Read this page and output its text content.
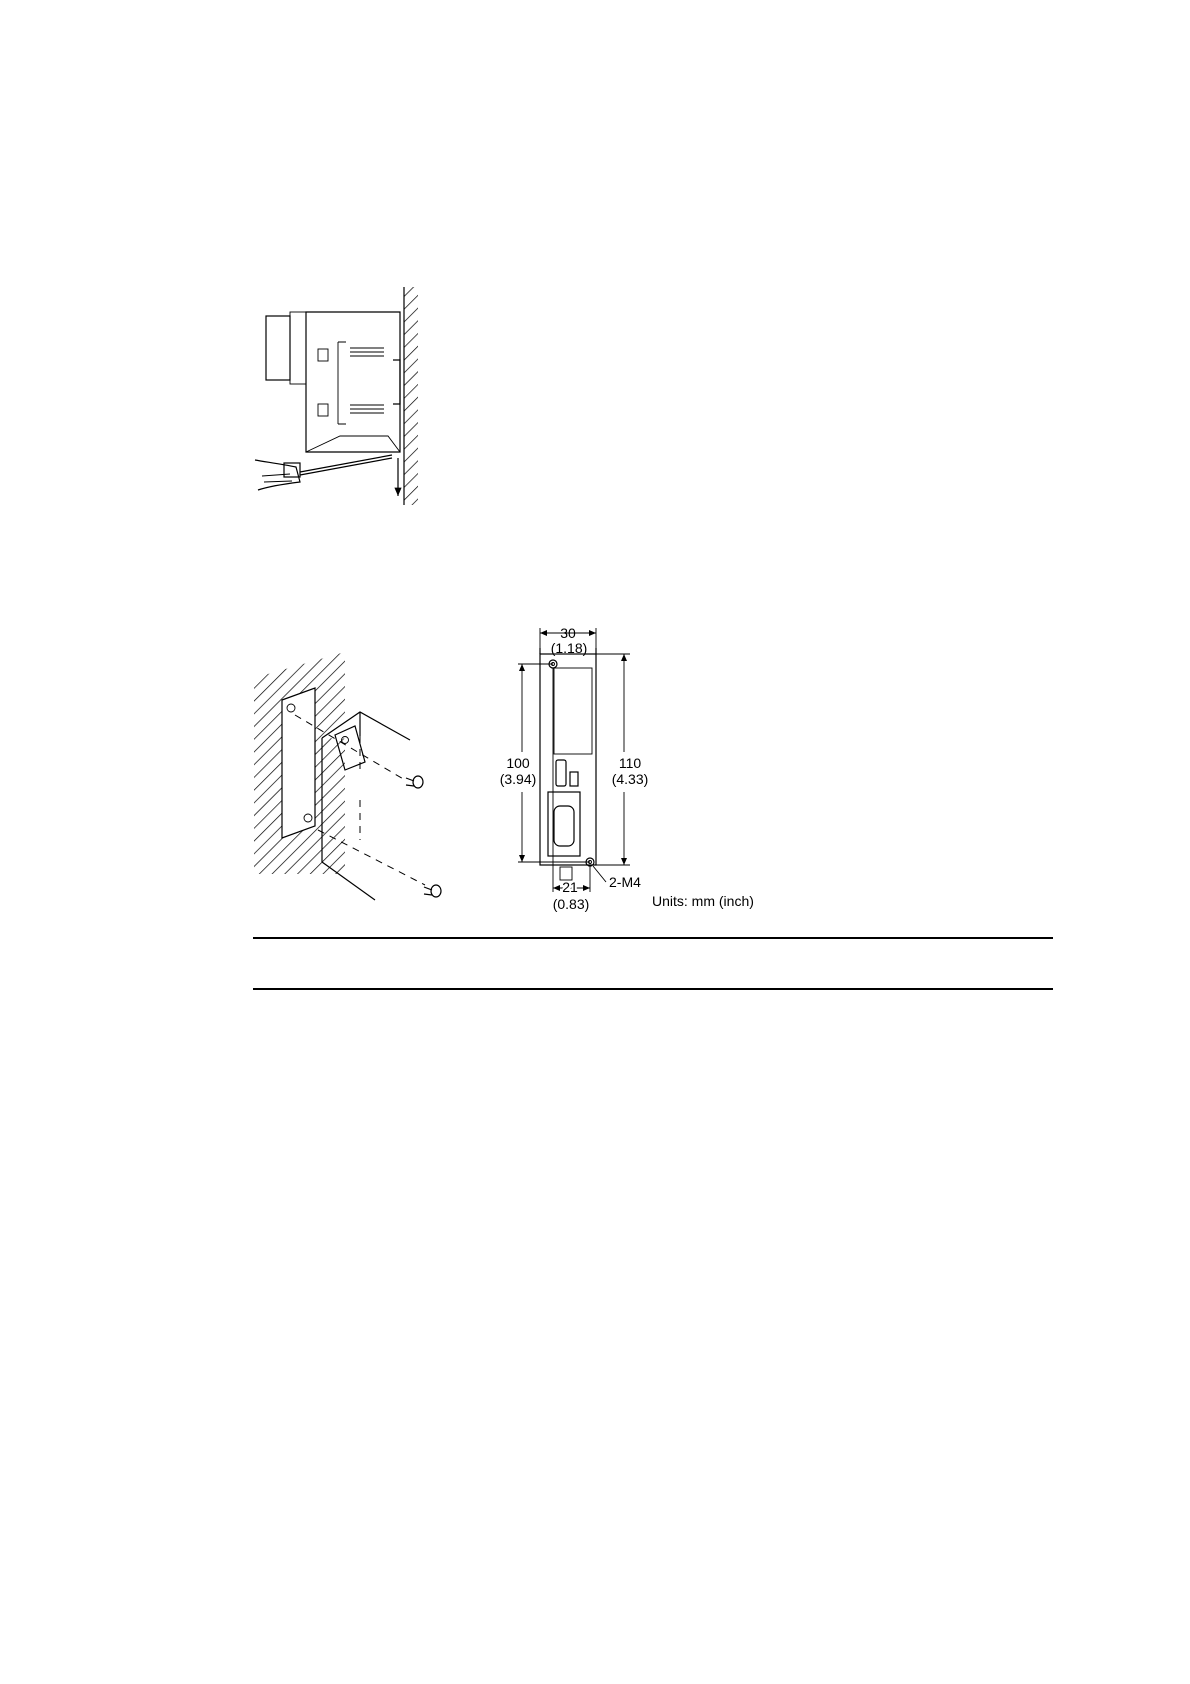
30
(1.18)
100
(3.94)
110
(4.33)
21
(0.83)
2-M4
Units: mm (inch)
